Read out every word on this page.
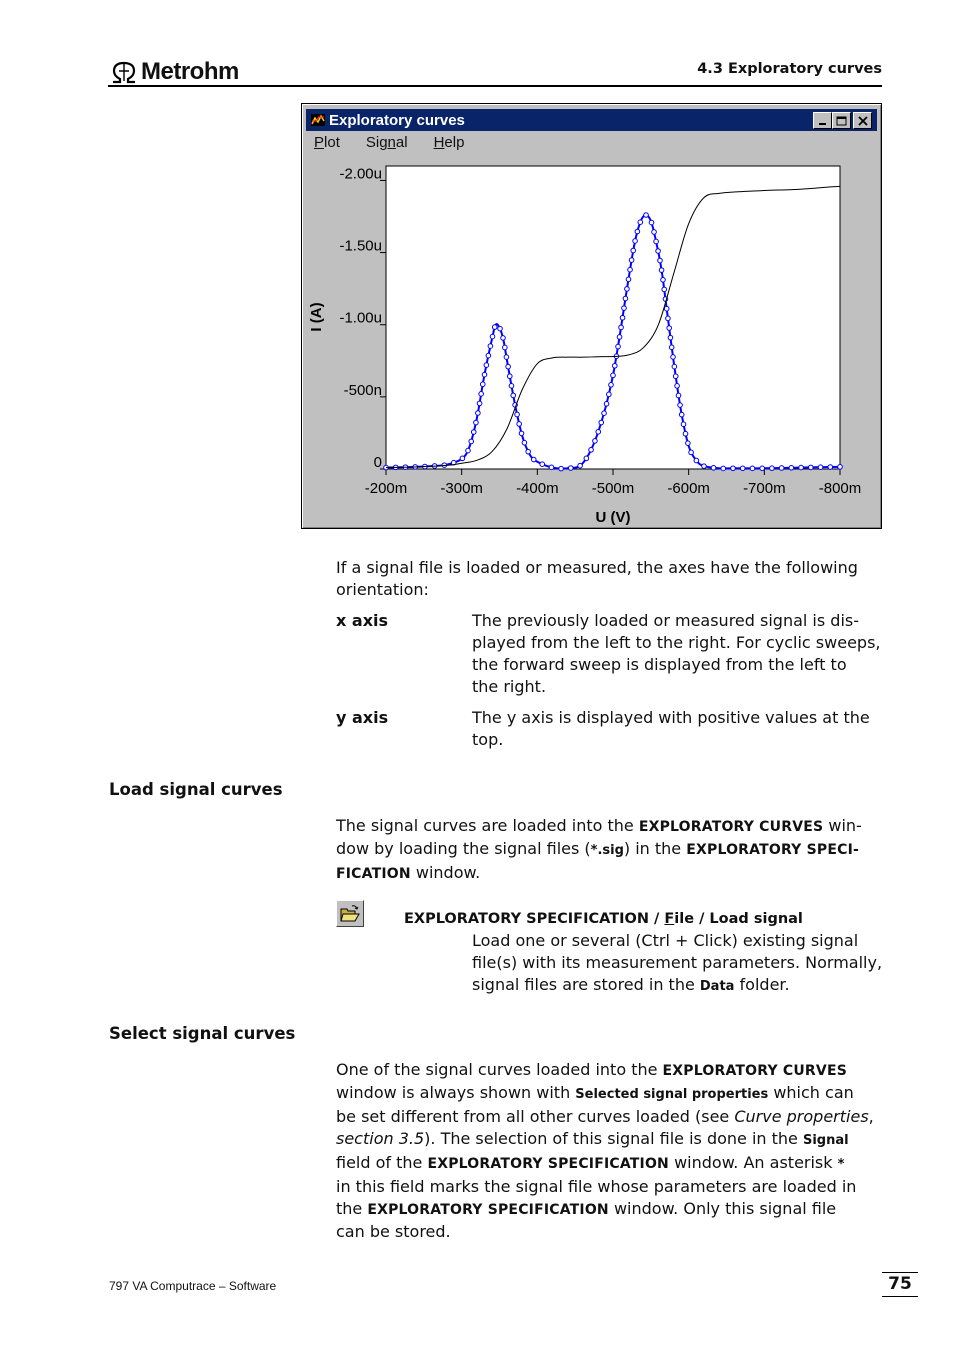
Metrohm	4.3 Exploratory curves
Exploratory curves
Plot Signal Help
0
-500n
-1.00u
-1.50u
-2.00u
-200m -300m -400m -500m -600m -700m -800m
I (A)
U (V)
If a signal file is loaded or measured, the axes have the following orientation:
x axis	The previously loaded or measured signal is dis-
played from the left to the right. For cyclic sweeps,
the forward sweep is displayed from the left to
the right.
y axis	The y axis is displayed with positive values at the
top.
Load signal curves
The signal curves are loaded into the EXPLORATORY CURVES win-
dow by loading the signal files (*.sig) in the EXPLORATORY SPECI-
FICATION window.
EXPLORATORY SPECIFICATION / File / Load signal
Load one or several (Ctrl + Click) existing signal
file(s) with its measurement parameters. Normally,
signal files are stored in the Data folder.
Select signal curves
One of the signal curves loaded into the EXPLORATORY CURVES
window is always shown with Selected signal properties which can
be set different from all other curves loaded (see Curve properties,
section 3.5). The selection of this signal file is done in the Signal
field of the EXPLORATORY SPECIFICATION window. An asterisk *
in this field marks the signal file whose parameters are loaded in
the EXPLORATORY SPECIFICATION window. Only this signal file
can be stored.
797 VA Computrace – Software	75
